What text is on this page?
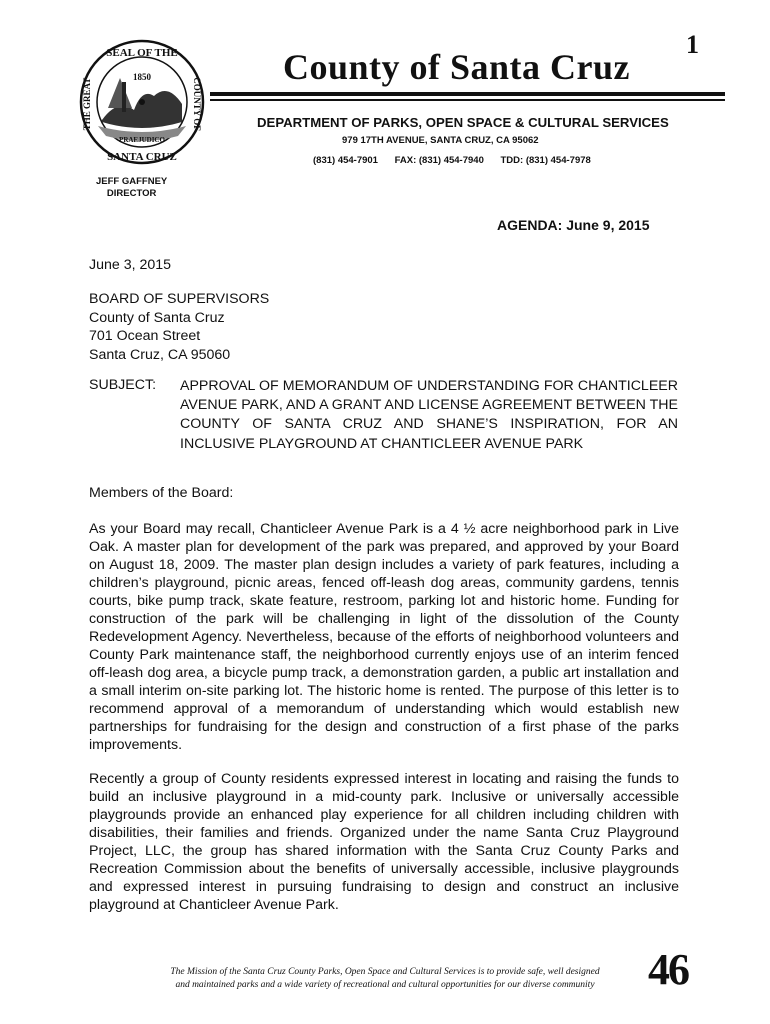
1850
SEAL OF THE
SANTA CRUZ
COUNTY OF
THE GREAT
PRAEJUDICO
County of Santa Cruz
1
DEPARTMENT OF PARKS, OPEN SPACE & CULTURAL SERVICES
979 17TH AVENUE, SANTA CRUZ, CA 95062
(831) 454-7901 FAX: (831) 454-7940 TDD: (831) 454-7978
JEFF GAFFNEY
DIRECTOR
AGENDA: June 9, 2015
June 3, 2015
BOARD OF SUPERVISORS
County of Santa Cruz
701 Ocean Street
Santa Cruz, CA 95060
SUBJECT: APPROVAL OF MEMORANDUM OF UNDERSTANDING FOR CHANTICLEER AVENUE PARK, AND A GRANT AND LICENSE AGREEMENT BETWEEN THE COUNTY OF SANTA CRUZ AND SHANE’S INSPIRATION, FOR AN INCLUSIVE PLAYGROUND AT CHANTICLEER AVENUE PARK
Members of the Board:
As your Board may recall, Chanticleer Avenue Park is a 4 ½ acre neighborhood park in Live Oak. A master plan for development of the park was prepared, and approved by your Board on August 18, 2009. The master plan design includes a variety of park features, including a children’s playground, picnic areas, fenced off-leash dog areas, community gardens, tennis courts, bike pump track, skate feature, restroom, parking lot and historic home. Funding for construction of the park will be challenging in light of the dissolution of the County Redevelopment Agency. Nevertheless, because of the efforts of neighborhood volunteers and County Park maintenance staff, the neighborhood currently enjoys use of an interim fenced off-leash dog area, a bicycle pump track, a demonstration garden, a public art installation and a small interim on-site parking lot. The historic home is rented. The purpose of this letter is to recommend approval of a memorandum of understanding which would establish new partnerships for fundraising for the design and construction of a first phase of the parks improvements.
Recently a group of County residents expressed interest in locating and raising the funds to build an inclusive playground in a mid-county park. Inclusive or universally accessible playgrounds provide an enhanced play experience for all children including children with disabilities, their families and friends. Organized under the name Santa Cruz Playground Project, LLC, the group has shared information with the Santa Cruz County Parks and Recreation Commission about the benefits of universally accessible, inclusive playgrounds and expressed interest in pursuing fundraising to design and construct an inclusive playground at Chanticleer Avenue Park.
The Mission of the Santa Cruz County Parks, Open Space and Cultural Services is to provide safe, well designed
and maintained parks and a wide variety of recreational and cultural opportunities for our diverse community	46
